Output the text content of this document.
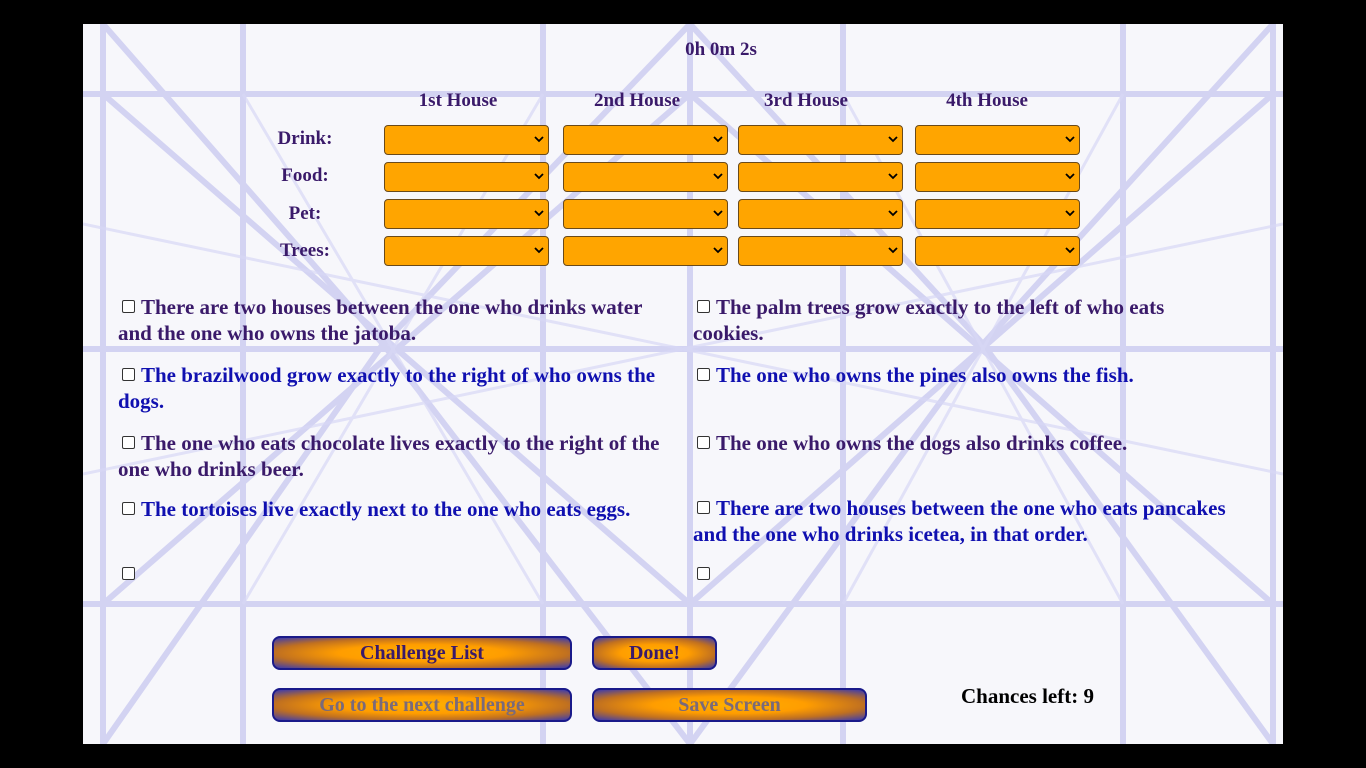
0h 0m 2s
1st House	2nd House	3rd House	4th House
Drink:
Food:
Pet:
Trees:
There are two houses between the one who drinks water and the one who owns the jatoba.
The brazilwood grow exactly to the right of who owns the dogs.
The one who eats chocolate lives exactly to the right of the one who drinks beer.
The tortoises live exactly next to the one who eats eggs.
The palm trees grow exactly to the left of who eats cookies.
The one who owns the pines also owns the fish.
The one who owns the dogs also drinks coffee.
There are two houses between the one who eats pancakes and the one who drinks icetea, in that order.
Challenge List	Done!
Go to the next challenge	Save Screen	Chances left: 9
